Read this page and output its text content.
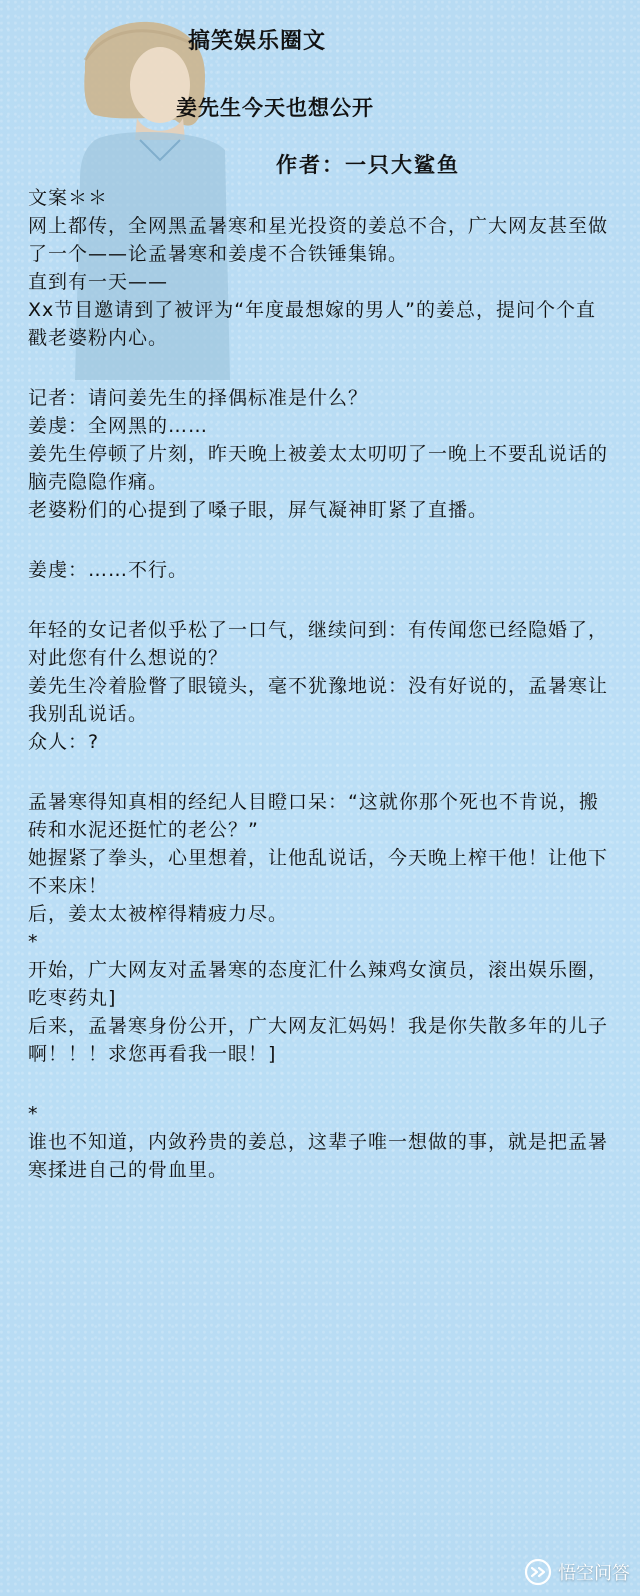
搞笑娱乐圈文
姜先生今天也想公开
作者：一只大鲨鱼

文案＊＊

网上都传，全网黑孟暑寒和星光投资的姜总不合，广大网友甚至做了一个——论孟暑寒和姜虔不合铁锤集锦。

直到有一天——

Xx节目邀请到了被评为“年度最想嫁的男人”的姜总，提问个个直戳老婆粉内心。

记者：请问姜先生的择偶标准是什么？

姜虔：全网黑的……

姜先生停顿了片刻，昨天晚上被姜太太叨叨了一晚上不要乱说话的脑壳隐隐作痛。

老婆粉们的心提到了嗓子眼，屏气凝神盯紧了直播。

姜虔：……不行。

年轻的女记者似乎松了一口气，继续问到：有传闻您已经隐婚了，对此您有什么想说的？

姜先生冷着脸瞥了眼镜头，毫不犹豫地说：没有好说的，孟暑寒让我别乱说话。

众人：?

孟暑寒得知真相的经纪人目瞪口呆：“这就你那个死也不肯说，搬砖和水泥还挺忙的老公？”

她握紧了拳头，心里想着，让他乱说话，今天晚上榨干他！让他下不来床！

后，姜太太被榨得精疲力尽。

*

开始，广大网友对孟暑寒的态度汇什么辣鸡女演员，滚出娱乐圈，吃枣药丸]

后来，孟暑寒身份公开，广大网友汇妈妈！我是你失散多年的儿子啊！！！求您再看我一眼！]

*

谁也不知道，内敛矜贵的姜总，这辈子唯一想做的事，就是把孟暑寒揉进自己的骨血里。

悟空问答
